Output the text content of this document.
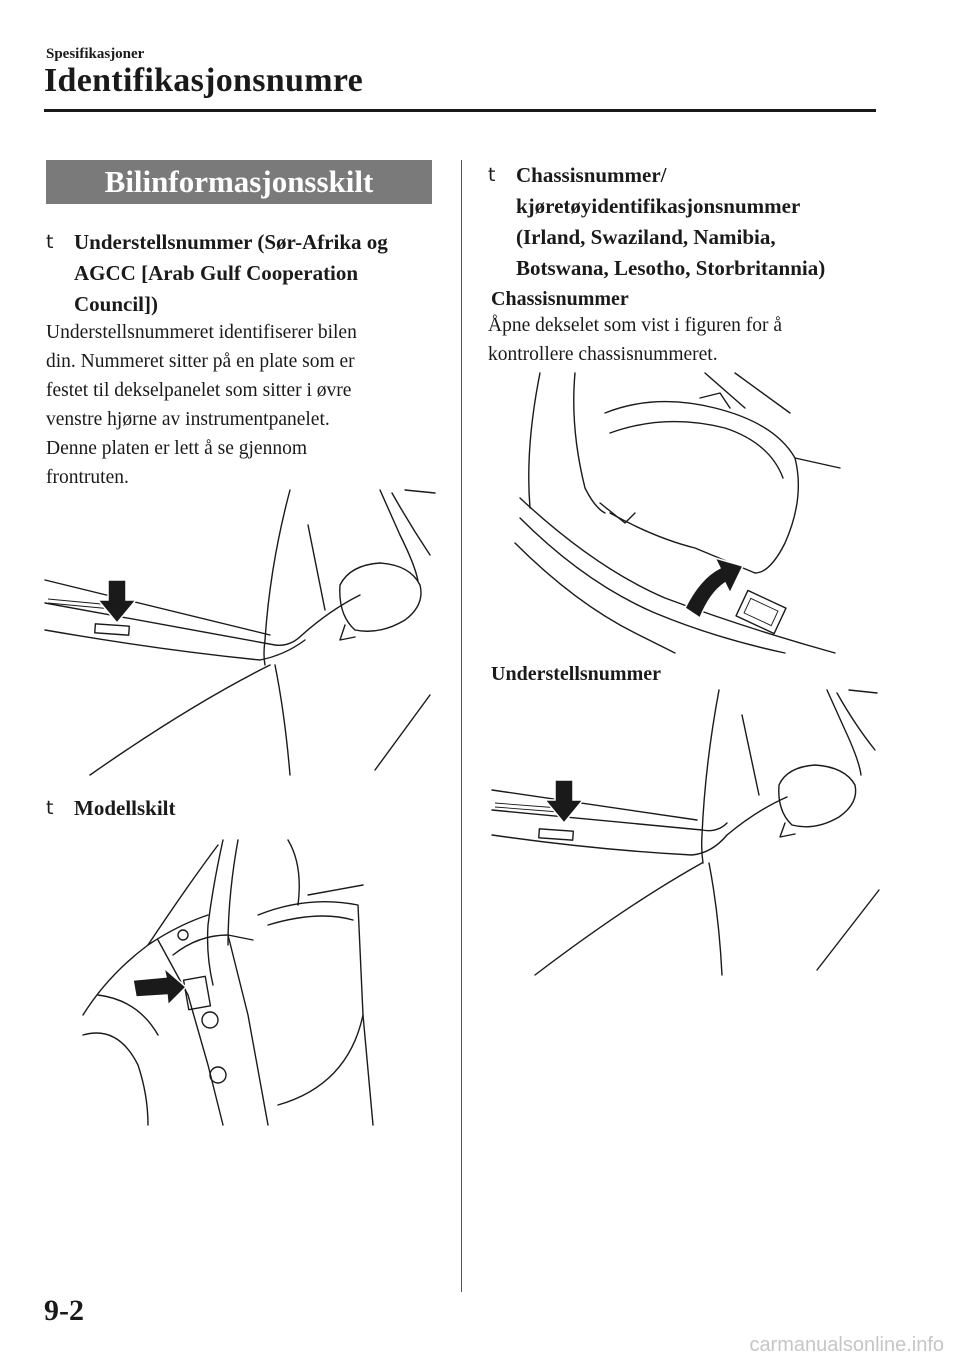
Spesifikasjoner
Identifikasjonsnumre
Bilinformasjonsskilt
t Understellsnummer (Sør-Afrika og
AGCC [Arab Gulf Cooperation
Council])
Understellsnummeret identifiserer bilen
din. Nummeret sitter på en plate som er
festet til dekselpanelet som sitter i øvre
venstre hjørne av instrumentpanelet.
Denne platen er lett å se gjennom
frontruten.
t Modellskilt
t Chassisnummer/
kjøretøyidentifikasjonsnummer
(Irland, Swaziland, Namibia,
Botswana, Lesotho, Storbritannia)
Chassisnummer
Åpne dekselet som vist i figuren for å
kontrollere chassisnummeret.
Understellsnummer
9-2
carmanualsonline.info
